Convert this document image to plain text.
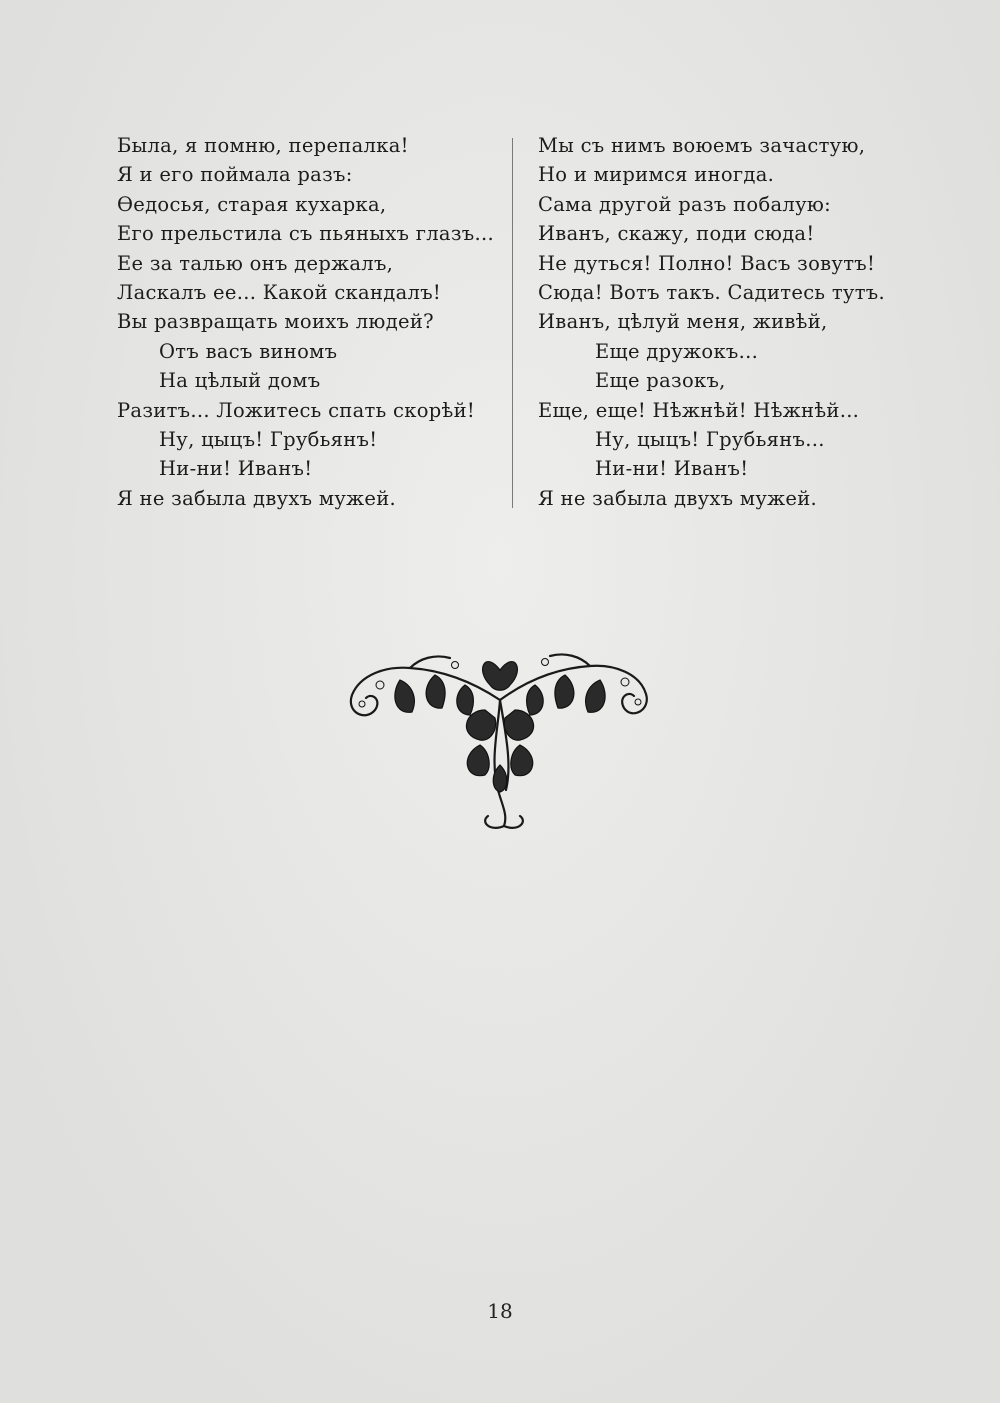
Была, я помню, перепалка!
Я и его поймала разъ:
Ѳедосья, старая кухарка,
Его прельстила съ пьяныхъ глазъ...
Ее за талью онъ держалъ,
Ласкалъ ее... Какой скандалъ!
Вы развращать моихъ людей?
Отъ васъ виномъ
На цѣлый домъ
Разитъ... Ложитесь спать скорѣй!
Ну, цыцъ! Грубьянъ!
Ни-ни! Иванъ!
Я не забыла двухъ мужей.
Мы съ нимъ воюемъ зачастую,
Но и миримся иногда.
Сама другой разъ побалую:
Иванъ, скажу, поди сюда!
Не дуться! Полно! Васъ зовутъ!
Сюда! Вотъ такъ. Садитесь тутъ.
Иванъ, цѣлуй меня, живѣй,
Еще дружокъ...
Еще разокъ,
Еще, еще! Нѣжнѣй! Нѣжнѣй...
Ну, цыцъ! Грубьянъ...
Ни-ни! Иванъ!
Я не забыла двухъ мужей.
18
